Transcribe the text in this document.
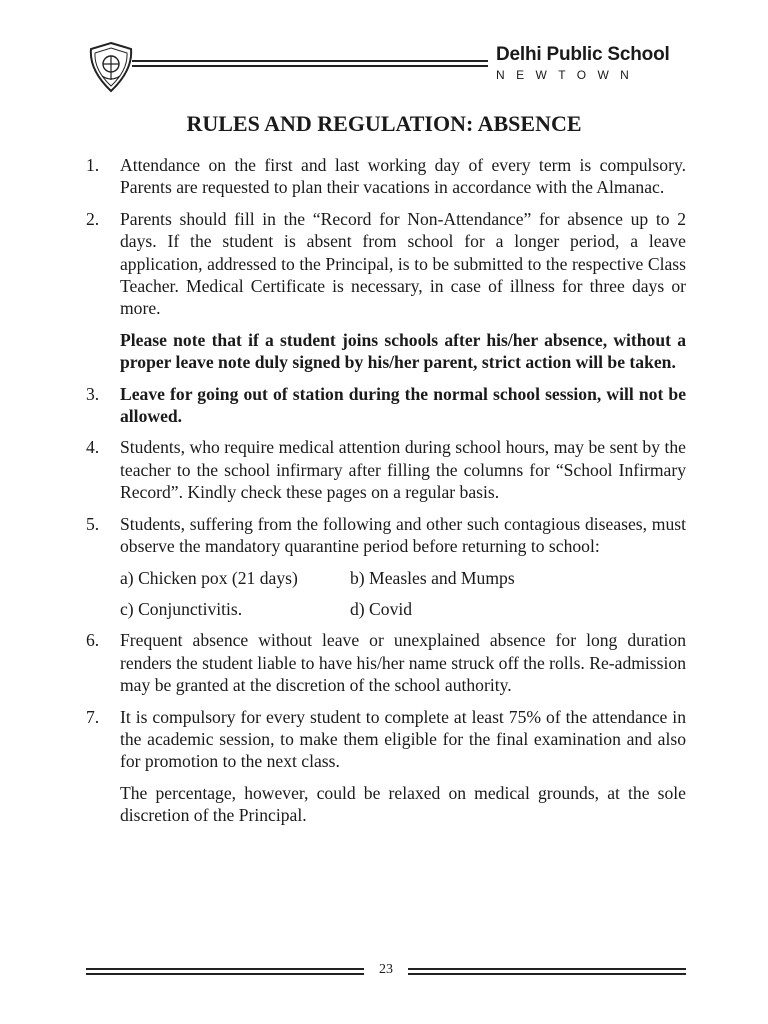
Delhi Public School
NEWTOWN
RULES AND REGULATION: ABSENCE
1. Attendance on the first and last working day of every term is compulsory. Parents are requested to plan their vacations in accordance with the Almanac.
2. Parents should fill in the “Record for Non-Attendance” for absence up to 2 days. If the student is absent from school for a longer period, a leave application, addressed to the Principal, is to be submitted to the respective Class Teacher. Medical Certificate is necessary, in case of illness for three days or more.
Please note that if a student joins schools after his/her absence, without a proper leave note duly signed by his/her parent, strict action will be taken.
3. Leave for going out of station during the normal school session, will not be allowed.
4. Students, who require medical attention during school hours, may be sent by the teacher to the school infirmary after filling the columns for “School Infirmary Record”. Kindly check these pages on a regular basis.
5. Students, suffering from the following and other such contagious diseases, must observe the mandatory quarantine period before returning to school:
a) Chicken pox (21 days)	b) Measles and Mumps
c) Conjunctivitis.	d) Covid
6. Frequent absence without leave or unexplained absence for long duration renders the student liable to have his/her name struck off the rolls. Re-admission may be granted at the discretion of the school authority.
7. It is compulsory for every student to complete at least 75% of the attendance in the academic session, to make them eligible for the final examination and also for promotion to the next class.
The percentage, however, could be relaxed on medical grounds, at the sole discretion of the Principal.
23
